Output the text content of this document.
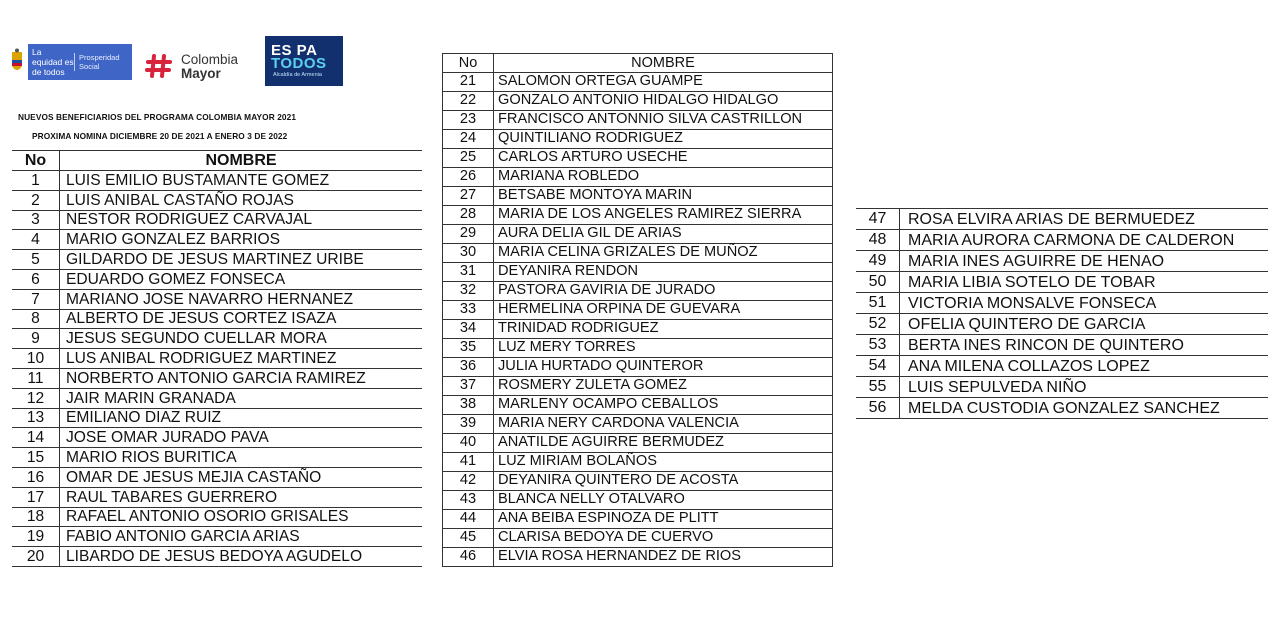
La equidad es de todos
Prosperidad Social	Colombia
Mayor
ES PA
TODOS
Alcaldía de Armenia
NUEVOS BENEFICIARIOS DEL PROGRAMA COLOMBIA MAYOR 2021
PROXIMA NOMINA DICIEMBRE 20 DE 2021 A ENERO 3 DE 2022
No	NOMBRE
1	LUIS EMILIO BUSTAMANTE GOMEZ
2	LUIS ANIBAL CASTAÑO ROJAS
3	NESTOR RODRIGUEZ CARVAJAL
4	MARIO GONZALEZ BARRIOS
5	GILDARDO DE JESUS MARTINEZ URIBE
6	EDUARDO GOMEZ FONSECA
7	MARIANO JOSE NAVARRO HERNANEZ
8	ALBERTO DE JESUS CORTEZ ISAZA
9	JESUS SEGUNDO CUELLAR MORA
10	LUS ANIBAL RODRIGUEZ MARTINEZ
11	NORBERTO ANTONIO GARCIA RAMIREZ
12	JAIR MARIN GRANADA
13	EMILIANO DIAZ RUIZ
14	JOSE OMAR JURADO PAVA
15	MARIO RIOS BURITICA
16	OMAR DE JESUS MEJIA CASTAÑO
17	RAUL TABARES GUERRERO
18	RAFAEL ANTONIO OSORIO GRISALES
19	FABIO ANTONIO GARCIA ARIAS
20	LIBARDO DE JESUS BEDOYA AGUDELO
No	NOMBRE
21	SALOMON ORTEGA GUAMPE
22	GONZALO ANTONIO HIDALGO HIDALGO
23	FRANCISCO ANTONNIO SILVA CASTRILLON
24	QUINTILIANO RODRIGUEZ
25	CARLOS ARTURO USECHE
26	MARIANA ROBLEDO
27	BETSABE MONTOYA MARIN
28	MARIA DE LOS ANGELES RAMIREZ SIERRA
29	AURA DELIA GIL DE ARIAS
30	MARIA CELINA GRIZALES DE MUÑOZ
31	DEYANIRA RENDON
32	PASTORA GAVIRIA DE JURADO
33	HERMELINA ORPINA DE GUEVARA
34	TRINIDAD RODRIGUEZ
35	LUZ MERY TORRES
36	JULIA HURTADO QUINTEROR
37	ROSMERY ZULETA GOMEZ
38	MARLENY OCAMPO CEBALLOS
39	MARIA NERY CARDONA VALENCIA
40	ANATILDE AGUIRRE BERMUDEZ
41	LUZ MIRIAM BOLAÑOS
42	DEYANIRA QUINTERO DE ACOSTA
43	BLANCA NELLY OTALVARO
44	ANA BEIBA ESPINOZA DE PLITT
45	CLARISA BEDOYA DE CUERVO
46	ELVIA ROSA HERNANDEZ DE RIOS
47	ROSA ELVIRA ARIAS DE BERMUEDEZ
48	MARIA AURORA CARMONA DE CALDERON
49	MARIA INES AGUIRRE DE HENAO
50	MARIA LIBIA SOTELO DE TOBAR
51	VICTORIA MONSALVE FONSECA
52	OFELIA QUINTERO DE GARCIA
53	BERTA INES RINCON DE QUINTERO
54	ANA MILENA COLLAZOS LOPEZ
55	LUIS SEPULVEDA NIÑO
56	MELDA CUSTODIA GONZALEZ SANCHEZ
